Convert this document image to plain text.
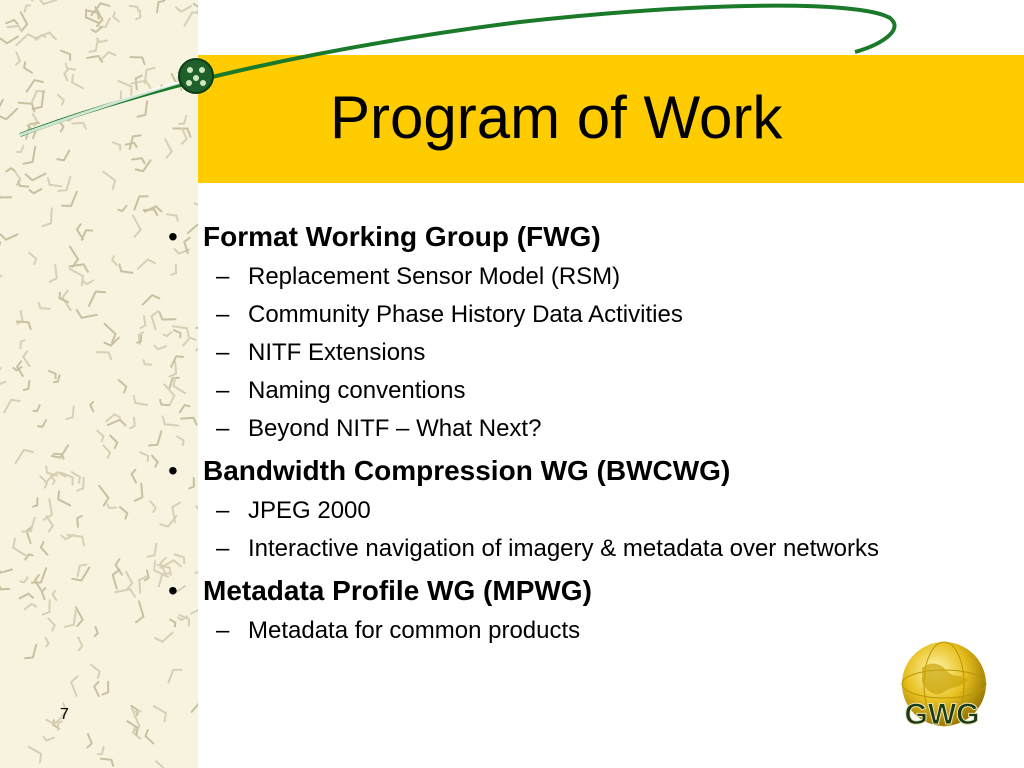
Program of Work
• Format Working Group (FWG)
– Replacement Sensor Model (RSM)
– Community Phase History Data Activities
– NITF Extensions
– Naming conventions
– Beyond NITF – What Next?
• Bandwidth Compression WG (BWCWG)
– JPEG 2000
– Interactive navigation of imagery & metadata over networks
• Metadata Profile WG (MPWG)
– Metadata for common products
7	GWG
